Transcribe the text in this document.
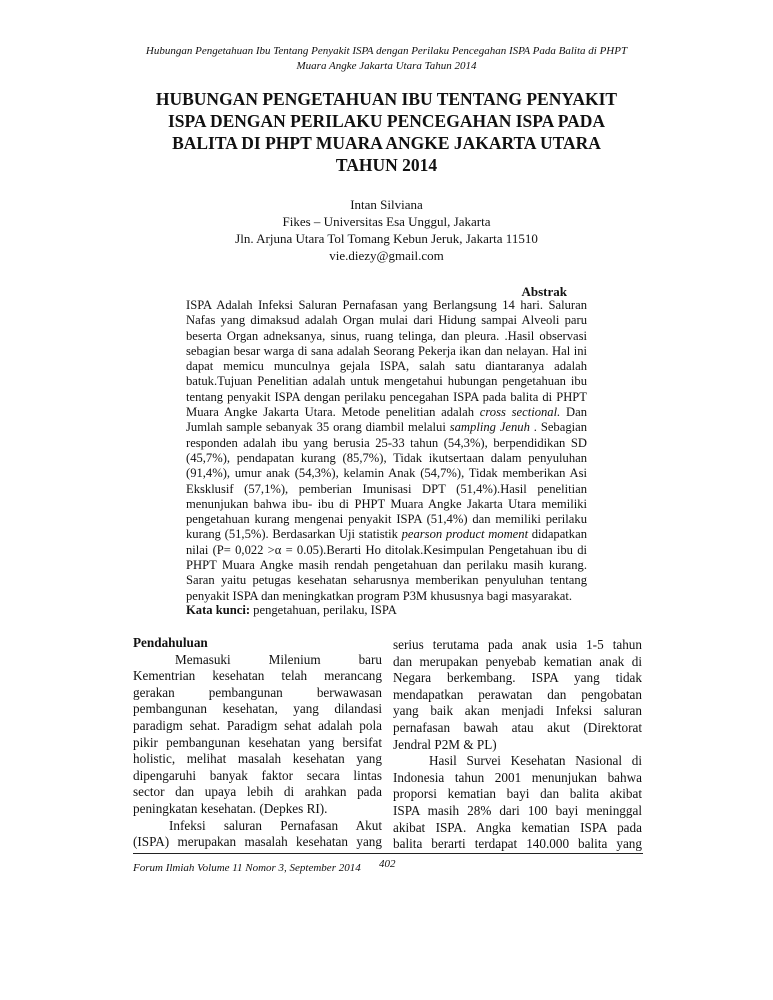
Hubungan Pengetahuan Ibu Tentang Penyakit ISPA dengan Perilaku Pencegahan ISPA Pada Balita di PHPT
Muara Angke Jakarta Utara Tahun 2014
HUBUNGAN PENGETAHUAN IBU TENTANG PENYAKIT
ISPA DENGAN PERILAKU PENCEGAHAN ISPA PADA
BALITA DI PHPT MUARA ANGKE JAKARTA UTARA
TAHUN 2014
Intan Silviana
Fikes – Universitas Esa Unggul, Jakarta
Jln. Arjuna Utara Tol Tomang Kebun Jeruk, Jakarta 11510
vie.diezy@gmail.com
Abstrak
ISPA Adalah Infeksi Saluran Pernafasan yang Berlangsung 14 hari. Saluran
Nafas yang dimaksud adalah Organ mulai dari Hidung sampai Alveoli paru
beserta Organ adneksanya, sinus, ruang telinga, dan pleura. .Hasil observasi
sebagian besar warga di sana adalah Seorang Pekerja ikan dan nelayan. Hal ini
dapat memicu munculnya gejala ISPA, salah satu diantaranya adalah
batuk.Tujuan Penelitian adalah untuk mengetahui hubungan pengetahuan ibu
tentang penyakit ISPA dengan perilaku pencegahan ISPA pada balita di PHPT
Muara Angke Jakarta Utara. Metode penelitian adalah cross sectional. Dan
Jumlah sample sebanyak 35 orang diambil melalui sampling Jenuh . Sebagian
responden adalah ibu yang berusia 25-33 tahun (54,3%), berpendidikan SD
(45,7%), pendapatan kurang (85,7%), Tidak ikutsertaan dalam penyuluhan
(91,4%), umur anak (54,3%), kelamin Anak (54,7%), Tidak memberikan Asi
Eksklusif (57,1%), pemberian Imunisasi DPT (51,4%).Hasil penelitian
menunjukan bahwa ibu- ibu di PHPT Muara Angke Jakarta Utara memiliki
pengetahuan kurang mengenai penyakit ISPA (51,4%) dan memiliki perilaku
kurang (51,5%). Berdasarkan Uji statistik pearson product moment didapatkan
nilai (P= 0,022 >α = 0.05).Berarti Ho ditolak.Kesimpulan Pengetahuan ibu di
PHPT Muara Angke masih rendah pengetahuan dan perilaku masih kurang.
Saran yaitu petugas kesehatan seharusnya memberikan penyuluhan tentang
penyakit ISPA dan meningkatkan program P3M khususnya bagi masyarakat.
Kata kunci: pengetahuan, perilaku, ISPA
Pendahuluan
Memasuki Milenium baru
Kementrian kesehatan telah merancang
gerakan pembangunan berwawasan
pembangunan kesehatan, yang dilandasi
paradigm sehat. Paradigm sehat adalah pola
pikir pembangunan kesehatan yang bersifat
holistic, melihat masalah kesehatan yang
dipengaruhi banyak faktor secara lintas
sector dan upaya lebih di arahkan pada
peningkatan kesehatan. (Depkes RI).
Infeksi saluran Pernafasan Akut
(ISPA) merupakan masalah kesehatan yang
serius terutama pada anak usia 1-5 tahun
dan merupakan penyebab kematian anak di
Negara berkembang. ISPA yang tidak
mendapatkan perawatan dan pengobatan
yang baik akan menjadi Infeksi saluran
pernafasan bawah atau akut (Direktorat
Jendral P2M & PL)
Hasil Survei Kesehatan Nasional di
Indonesia tahun 2001 menunjukan bahwa
proporsi kematian bayi dan balita akibat
ISPA masih 28% dari 100 bayi meninggal
akibat ISPA. Angka kematian ISPA pada
balita berarti terdapat 140.000 balita yang
Forum Ilmiah Volume 11 Nomor 3, September 2014 402
